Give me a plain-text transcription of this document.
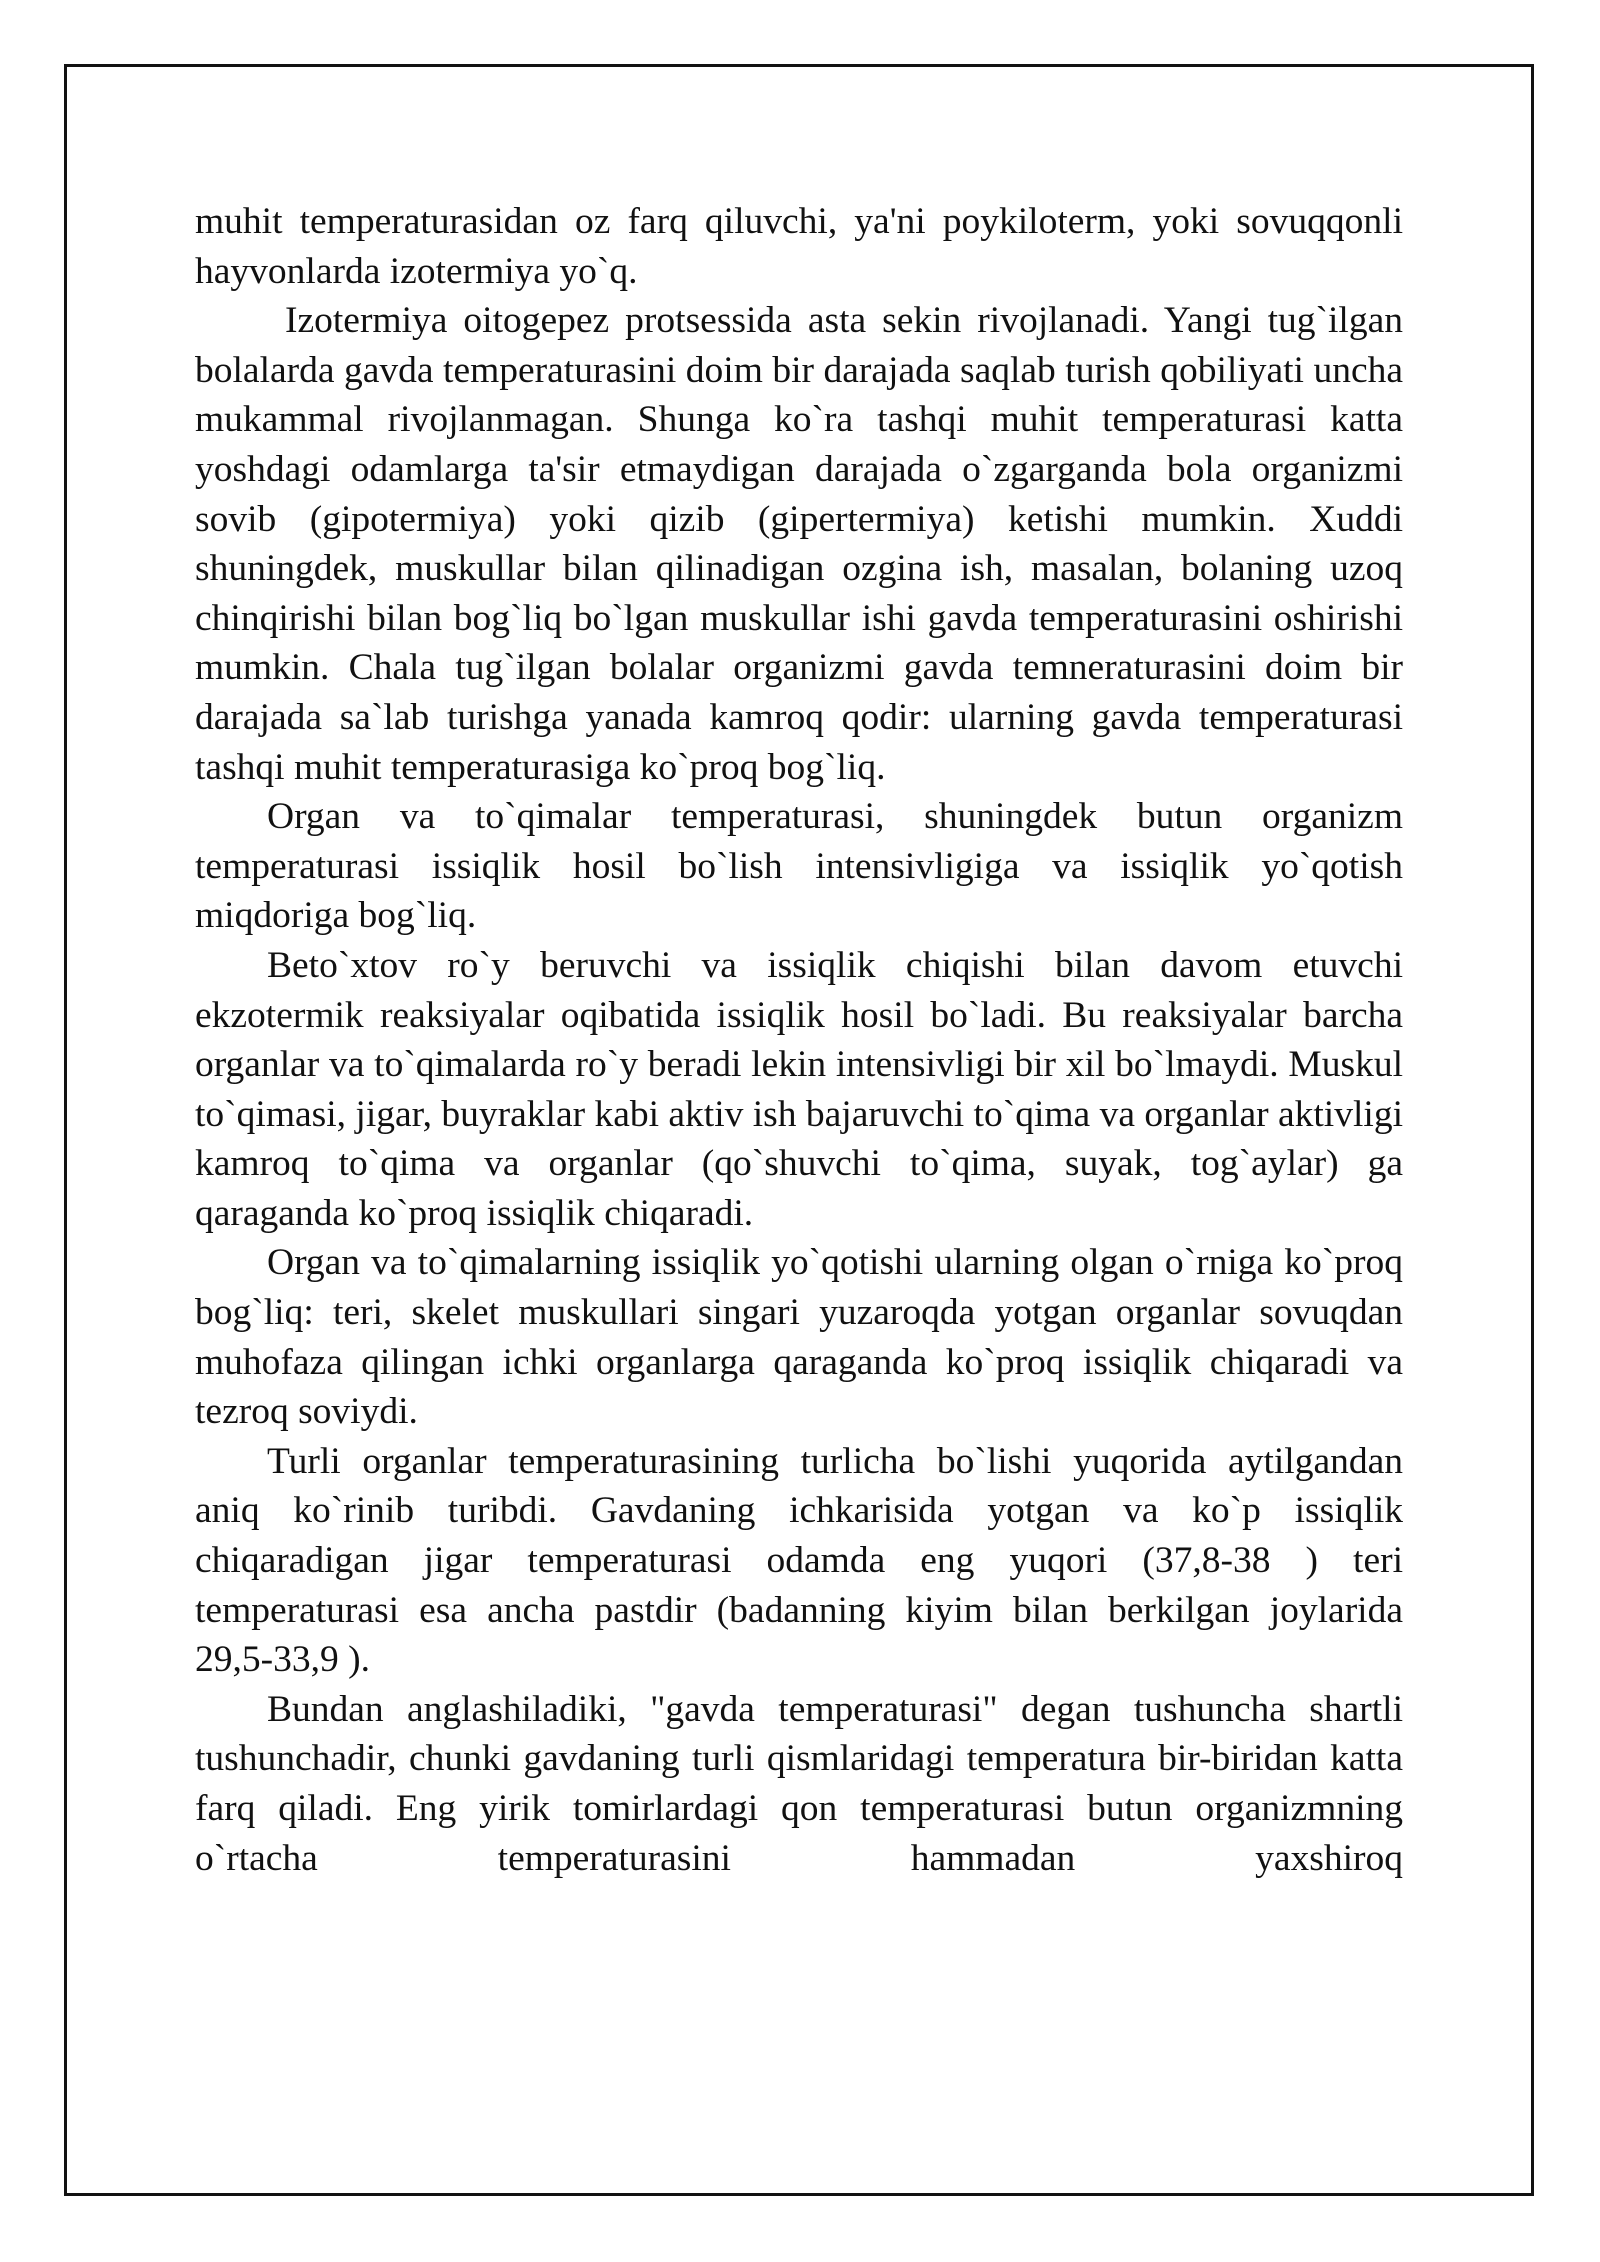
muhit temperaturasidan oz farq qiluvchi, ya'ni poykiloterm, yoki sovuqqonli hayvonlarda izotermiya yo`q.

Izotermiya oitogepez protsessida asta sekin rivojlanadi. Yangi tug`ilgan bolalarda gavda temperaturasini doim bir darajada saqlab turish qobiliyati uncha mukammal rivojlanmagan. Shunga ko`ra tashqi muhit temperaturasi katta yoshdagi odamlarga ta'sir etmaydigan darajada o`zgarganda bola organizmi sovib (gipotermiya) yoki qizib (gipertermiya) ketishi mumkin. Xuddi shuningdek, muskullar bilan qilinadigan ozgina ish, masalan, bolaning uzoq chinqirishi bilan bog`liq bo`lgan muskullar ishi gavda temperaturasini oshirishi mumkin. Chala tug`ilgan bolalar organizmi gavda temneraturasini doim bir darajada sa`lab turishga yanada kamroq qodir: ularning gavda temperaturasi tashqi muhit temperaturasiga ko`proq bog`liq.

Organ va to`qimalar temperaturasi, shuningdek butun organizm temperaturasi issiqlik hosil bo`lish intensivligiga va issiqlik yo`qotish miqdoriga bog`liq.

Beto`xtov ro`y beruvchi va issiqlik chiqishi bilan davom etuvchi ekzotermik reaksiyalar oqibatida issiqlik hosil bo`ladi. Bu reaksiyalar barcha organlar va to`qimalarda ro`y beradi lekin intensivligi bir xil bo`lmaydi. Muskul to`qimasi, jigar, buyraklar kabi aktiv ish bajaruvchi to`qima va organlar aktivligi kamroq to`qima va organlar (qo`shuvchi to`qima, suyak, tog`aylar) ga qaraganda ko`proq issiqlik chiqaradi.

Organ va to`qimalarning issiqlik yo`qotishi ularning olgan o`rniga ko`proq bog`liq: teri, skelet muskullari singari yuzaroqda yotgan organlar sovuqdan muhofaza qilingan ichki organlarga qaraganda ko`proq issiqlik chiqaradi va tezroq soviydi.

Turli organlar temperaturasining turlicha bo`lishi yuqorida aytilgandan aniq ko`rinib turibdi. Gavdaning ichkarisida yotgan va ko`p issiqlik chiqaradigan jigar temperaturasi odamda eng yuqori (37,8-38 ) teri temperaturasi esa ancha pastdir (badanning kiyim bilan berkilgan joylarida 29,5-33,9 ).

Bundan anglashiladiki, "gavda temperaturasi" degan tushuncha shartli tushunchadir, chunki gavdaning turli qismlaridagi temperatura bir-biridan katta farq qiladi. Eng yirik tomirlardagi qon temperaturasi butun organizmning o`rtacha temperaturasini hammadan yaxshiroq
